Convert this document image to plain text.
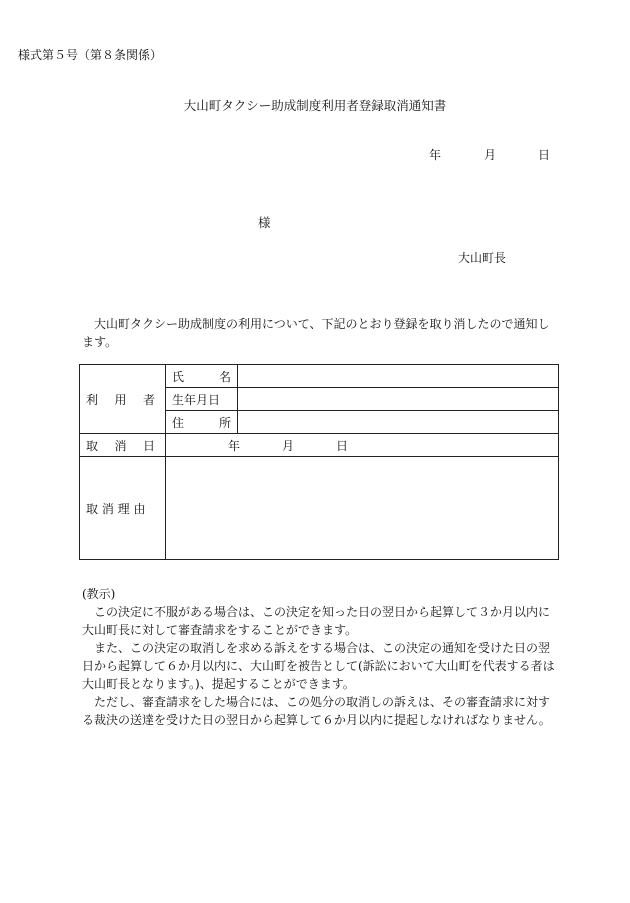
様式第５号（第８条関係）
大山町タクシー助成制度利用者登録取消通知書
年	月	日
様
大山町長

大山町タクシー助成制度の利用について、下記のとおり登録を取り消したので通知します。

利 用 者	氏 名	

	生年月日	

	住 所	

取 消 日	年 月 日	
取 消 理 由		

(教示)

この決定に不服がある場合は、この決定を知った日の翌日から起算して３か月以内に大山町長に対して審査請求をすることができます。

また、この決定の取消しを求める訴えをする場合は、この決定の通知を受けた日の翌日から起算して６か月以内に、大山町を被告として(訴訟において大山町を代表する者は大山町長となります。)、提起することができます。

ただし、審査請求をした場合には、この処分の取消しの訴えは、その審査請求に対する裁決の送達を受けた日の翌日から起算して６か月以内に提起しなければなりません。
